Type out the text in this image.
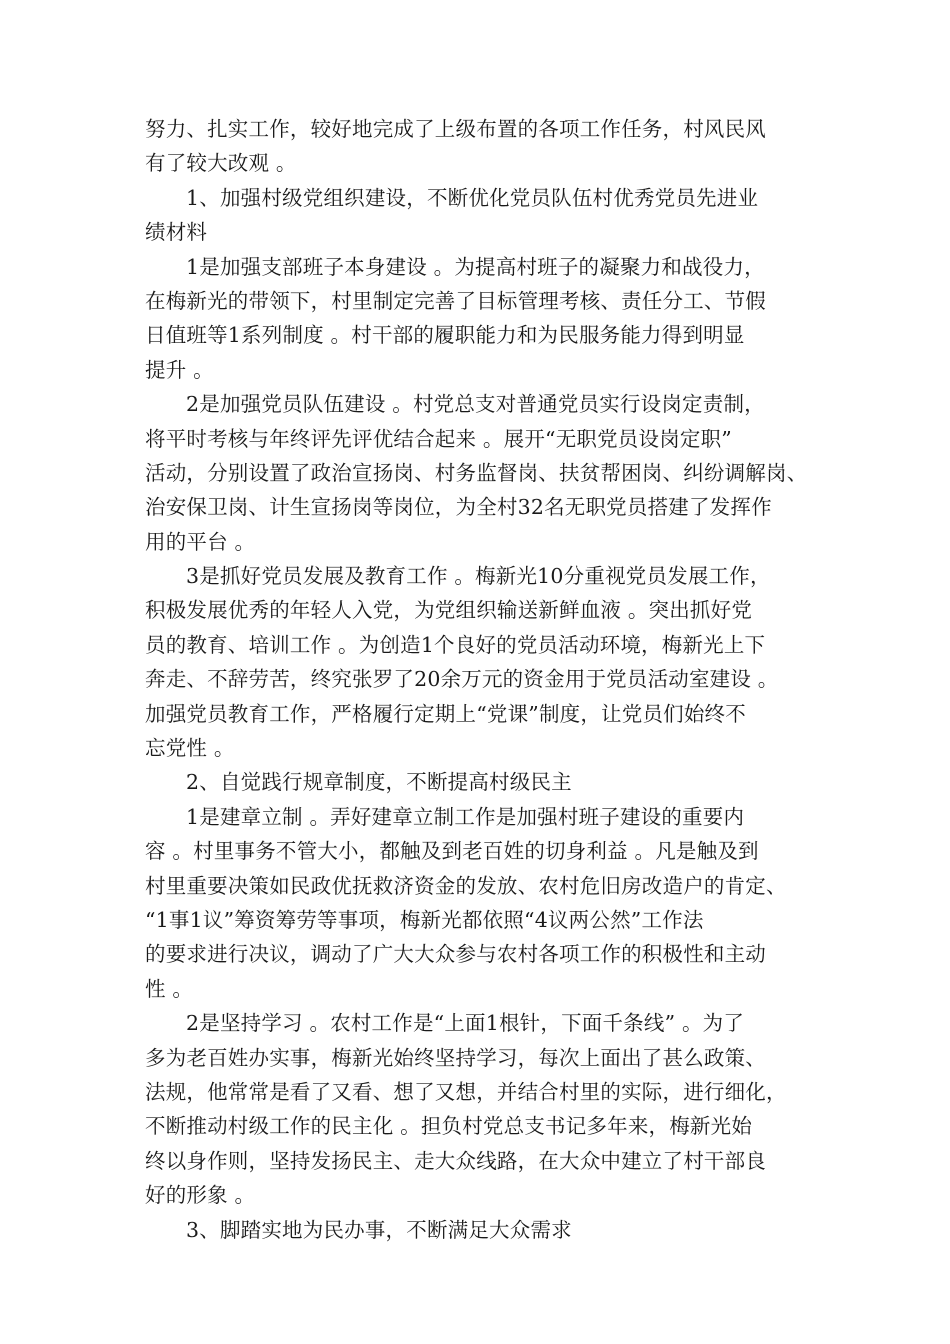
努力、扎实工作，较好地完成了上级布置的各项工作任务，村风民风
有了较大改观 。
1、加强村级党组织建设，不断优化党员队伍村优秀党员先进业
绩材料
1是加强支部班子本身建设 。为提高村班子的凝聚力和战役力，
在梅新光的带领下，村里制定完善了目标管理考核、责任分工、节假
日值班等1系列制度 。村干部的履职能力和为民服务能力得到明显
提升 。
2是加强党员队伍建设 。村党总支对普通党员实行设岗定责制，
将平时考核与年终评先评优结合起来 。展开“无职党员设岗定职”
活动，分别设置了政治宣扬岗、村务监督岗、扶贫帮困岗、纠纷调解岗、
治安保卫岗、计生宣扬岗等岗位，为全村32名无职党员搭建了发挥作
用的平台 。
3是抓好党员发展及教育工作 。梅新光10分重视党员发展工作，
积极发展优秀的年轻人入党，为党组织输送新鲜血液 。突出抓好党
员的教育、培训工作 。为创造1个良好的党员活动环境，梅新光上下
奔走、不辞劳苦，终究张罗了20余万元的资金用于党员活动室建设 。
加强党员教育工作，严格履行定期上“党课”制度，让党员们始终不
忘党性 。
2、自觉践行规章制度，不断提高村级民主
1是建章立制 。弄好建章立制工作是加强村班子建设的重要内
容 。村里事务不管大小，都触及到老百姓的切身利益 。凡是触及到
村里重要决策如民政优抚救济资金的发放、农村危旧房改造户的肯定、
“1事1议”筹资筹劳等事项，梅新光都依照“4议两公然”工作法
的要求进行决议，调动了广大大众参与农村各项工作的积极性和主动
性 。
2是坚持学习 。农村工作是“上面1根针，下面千条线” 。为了
多为老百姓办实事，梅新光始终坚持学习，每次上面出了甚么政策、
法规，他常常是看了又看、想了又想，并结合村里的实际，进行细化，
不断推动村级工作的民主化 。担负村党总支书记多年来，梅新光始
终以身作则，坚持发扬民主、走大众线路，在大众中建立了村干部良
好的形象 。
3、脚踏实地为民办事，不断满足大众需求
